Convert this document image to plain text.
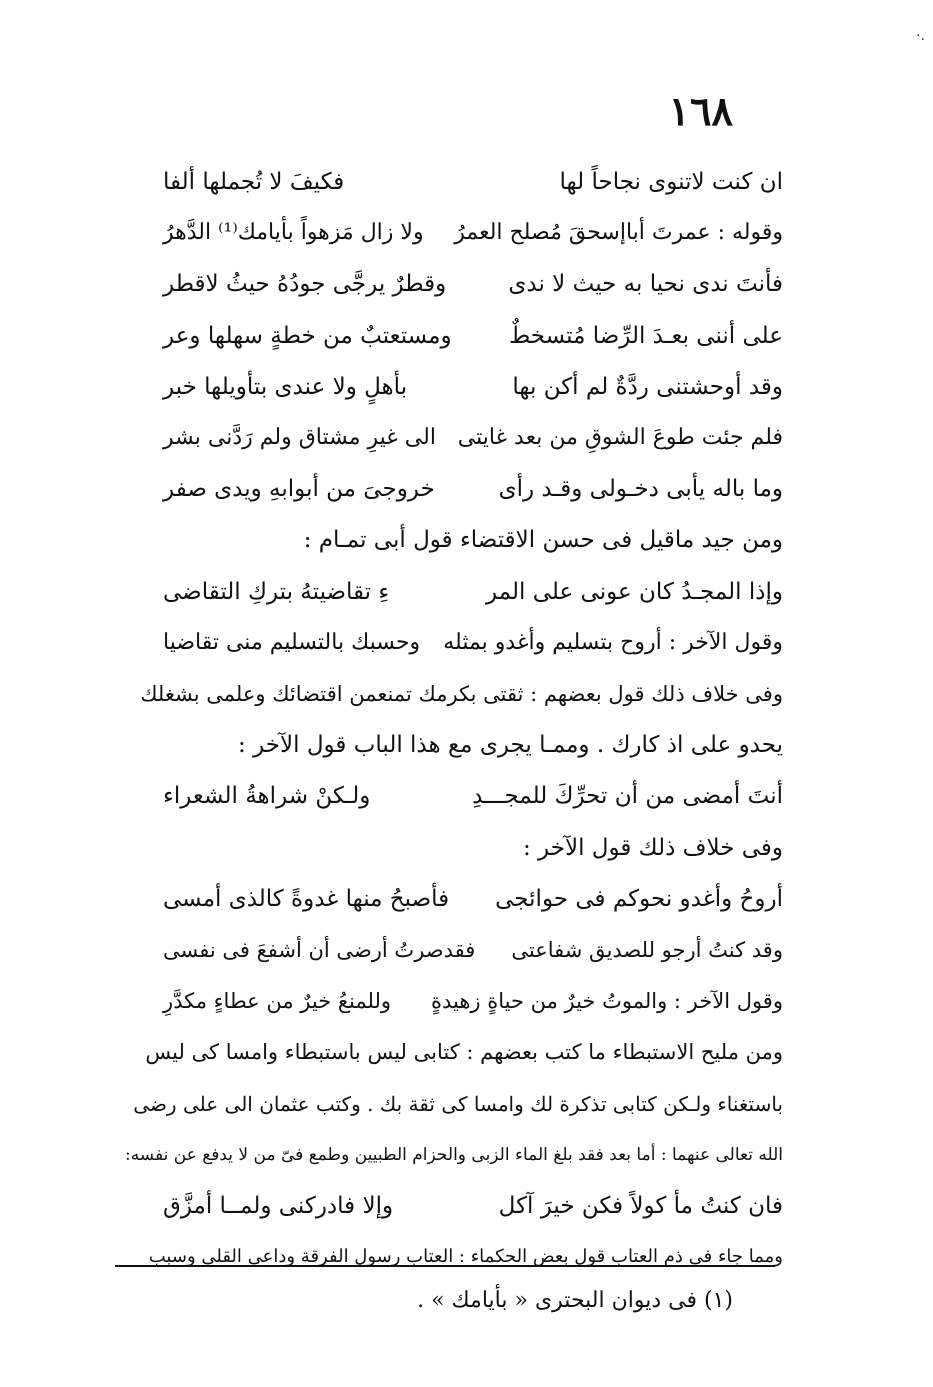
·.
١٦٨
ان كنت لاتنوى نجاحاً لها
فكيفَ لا تُجملها ألفا
وقوله : عمرتَ أباإسحقَ مُصلح العمرُ
ولا زال مَزهواً بأيامك⁽¹⁾ الدَّهرُ
فأنتَ ندى نحيا به حيث لا ندى
وقطرٌ يرجَّى جودُهُ حيثُ لاقطر
على أننى بعـدَ الرِّضا مُتسخطٌ
ومستعتبٌ من خطةٍ سهلها وعر
وقد أوحشتنى ردَّةٌ لم أكن بها
بأهلٍ ولا عندى بتأويلها خبر
فلم جئت طوعَ الشوقِ من بعد غايتى
الى غيرِ مشتاق ولم رَدَّنى بشر
وما باله يأبى دخـولى وقـد رأى
خروجىَ من أبوابهِ ويدى صفر
ومن جيد ماقيل فى حسن الاقتضاء قول أبى تمـام :
وإذا المجـدُ كان عونى على المر
ءِ تقاضيتهُ بتركِ التقاضى
وقول الآخر : أروح بتسليم وأغدو بمثله
وحسبك بالتسليم منى تقاضيا
وفى خلاف ذلك قول بعضهم : ثقتى بكرمك تمنعمن اقتضائك وعلمى بشغلك
يحدو على اذ كارك . وممـا يجرى مع هذا الباب قول الآخر :
أنتَ أمضى من أن تحرِّكَ للمجـــدِ
ولـكنْ شراهةُ الشعراء
وفى خلاف ذلك قول الآخر :
أروحُ وأغدو نحوكم فى حوائجى
فأصبحُ منها غدوةً كالذى أمسى
وقد كنتُ أرجو للصديق شفاعتى
فقدصرتُ أرضى أن أشفعَ فى نفسى
وقول الآخر : والموتُ خيرٌ من حياةٍ زهيدةٍ
وللمنعُ خيرٌ من عطاءٍ مكدَّرِ
ومن مليح الاستبطاء ما كتب بعضهم : كتابى ليس باستبطاء وامسا كى ليس
باستغناء ولـكن كتابى تذكرة لك وامسا كى ثقة بك . وكتب عثمان الى على رضى
الله تعالى عنهما : أما بعد فقد بلغ الماء الزبى والحزام الطبيين وطمع فىّ من لا يدفع عن نفسه:
فان كنتُ مأ كولاً فكن خيرَ آكل
وإلا فادركنى ولمــا أمزَّق
ومما جاء فى ذم العتاب قول بعض الحكماء : العتاب رسول الفرقة وداعي القلى وسبب
(١) فى ديوان البحترى « بأيامك » .
